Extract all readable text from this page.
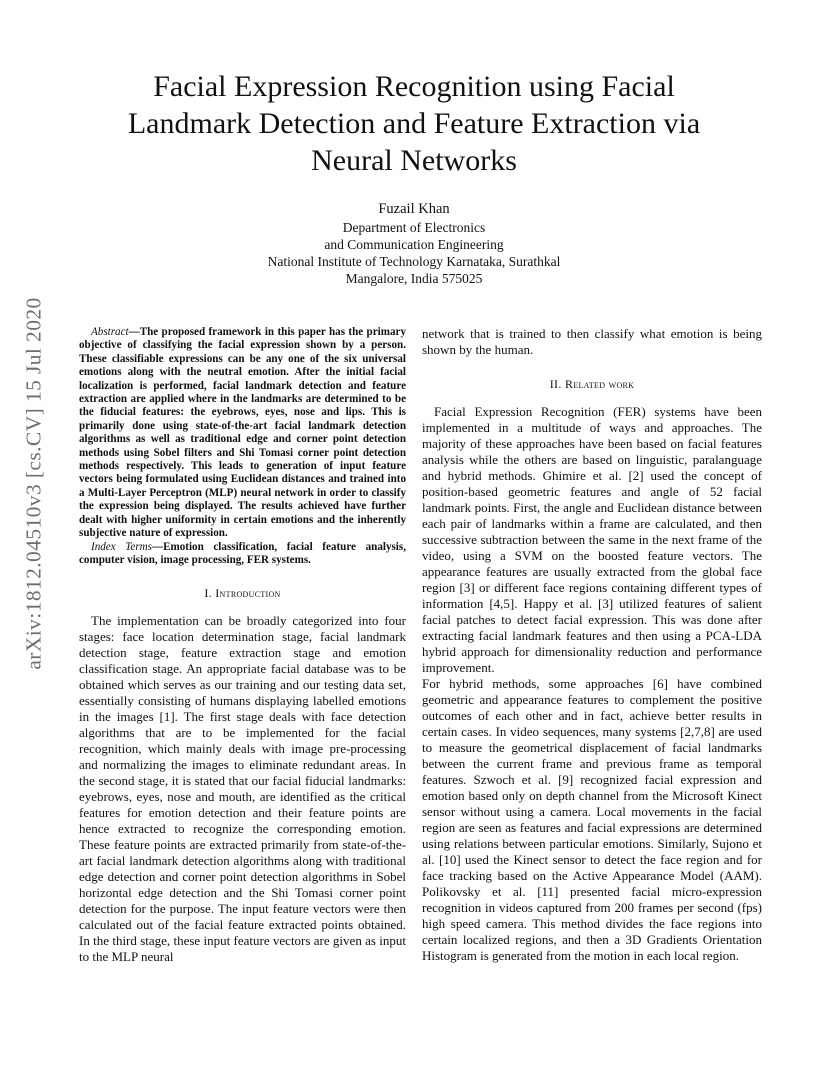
arXiv:1812.04510v3 [cs.CV] 15 Jul 2020
Facial Expression Recognition using Facial
Landmark Detection and Feature Extraction via
Neural Networks
Fuzail Khan
Department of Electronics
and Communication Engineering
National Institute of Technology Karnataka, Surathkal
Mangalore, India 575025

Abstract—The proposed framework in this paper has the primary objective of classifying the facial expression shown by a person. These classifiable expressions can be any one of the six universal emotions along with the neutral emotion. After the initial facial localization is performed, facial landmark detection and feature extraction are applied where in the landmarks are determined to be the fiducial features: the eyebrows, eyes, nose and lips. This is primarily done using state-of-the-art facial landmark detection algorithms as well as traditional edge and corner point detection methods using Sobel filters and Shi Tomasi corner point detection methods respectively. This leads to generation of input feature vectors being formulated using Euclidean distances and trained into a Multi-Layer Perceptron (MLP) neural network in order to classify the expression being displayed. The results achieved have further dealt with higher uniformity in certain emotions and the inherently subjective nature of expression.

Index Terms—Emotion classification, facial feature analysis, computer vision, image processing, FER systems.

I. Introduction

The implementation can be broadly categorized into four stages: face location determination stage, facial landmark detection stage, feature extraction stage and emotion classification stage. An appropriate facial database was to be obtained which serves as our training and our testing data set, essentially consisting of humans displaying labelled emotions in the images [1]. The first stage deals with face detection algorithms that are to be implemented for the facial recognition, which mainly deals with image pre-processing and normalizing the images to eliminate redundant areas. In the second stage, it is stated that our facial fiducial landmarks: eyebrows, eyes, nose and mouth, are identified as the critical features for emotion detection and their feature points are hence extracted to recognize the corresponding emotion. These feature points are extracted primarily from state-of-the-art facial landmark detection algorithms along with traditional edge detection and corner point detection algorithms in Sobel horizontal edge detection and the Shi Tomasi corner point detection for the purpose. The input feature vectors were then calculated out of the facial feature extracted points obtained. In the third stage, these input feature vectors are given as input to the MLP neural

network that is trained to then classify what emotion is being shown by the human.

II. Related work

Facial Expression Recognition (FER) systems have been implemented in a multitude of ways and approaches. The majority of these approaches have been based on facial features analysis while the others are based on linguistic, paralanguage and hybrid methods. Ghimire et al. [2] used the concept of position-based geometric features and angle of 52 facial landmark points. First, the angle and Euclidean distance between each pair of landmarks within a frame are calculated, and then successive subtraction between the same in the next frame of the video, using a SVM on the boosted feature vectors. The appearance features are usually extracted from the global face region [3] or different face regions containing different types of information [4,5]. Happy et al. [3] utilized features of salient facial patches to detect facial expression. This was done after extracting facial landmark features and then using a PCA-LDA hybrid approach for dimensionality reduction and performance improvement.

For hybrid methods, some approaches [6] have combined geometric and appearance features to complement the positive outcomes of each other and in fact, achieve better results in certain cases. In video sequences, many systems [2,7,8] are used to measure the geometrical displacement of facial landmarks between the current frame and previous frame as temporal features. Szwoch et al. [9] recognized facial expression and emotion based only on depth channel from the Microsoft Kinect sensor without using a camera. Local movements in the facial region are seen as features and facial expressions are determined using relations between particular emotions. Similarly, Sujono et al. [10] used the Kinect sensor to detect the face region and for face tracking based on the Active Appearance Model (AAM). Polikovsky et al. [11] presented facial micro-expression recognition in videos captured from 200 frames per second (fps) high speed camera. This method divides the face regions into certain localized regions, and then a 3D Gradients Orientation Histogram is generated from the motion in each local region.
